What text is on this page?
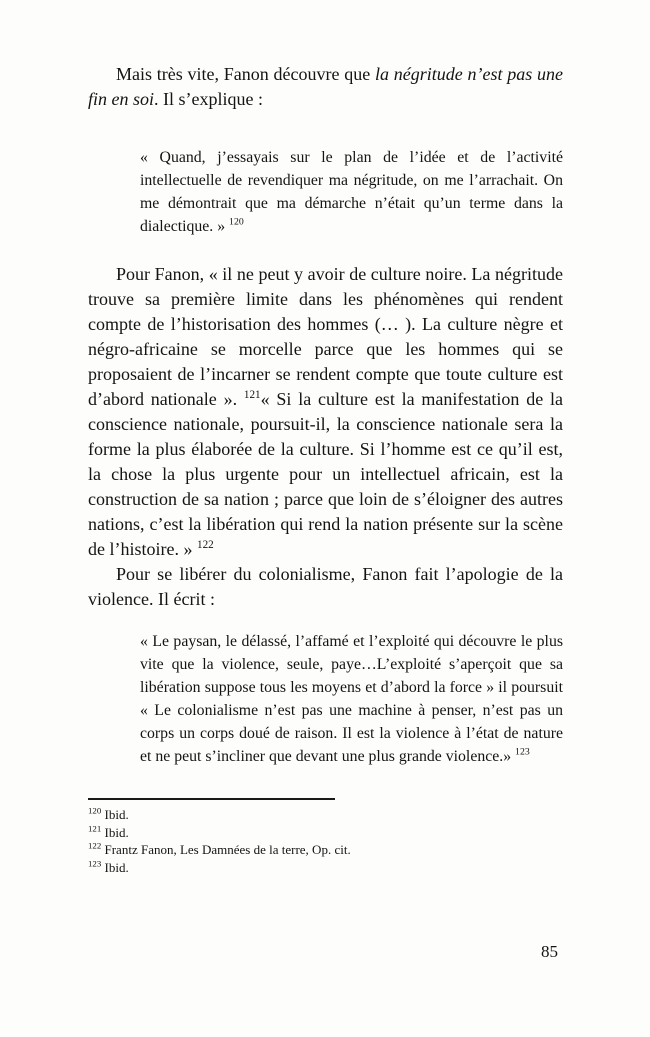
Mais très vite, Fanon découvre que la négritude n’est pas une fin en soi. Il s’explique :

« Quand, j’essayais sur le plan de l’idée et de l’activité intellectuelle de revendiquer ma négritude, on me l’arrachait. On me démontrait que ma démarche n’était qu’un terme dans la dialectique. » $^{120}$

Pour Fanon, « il ne peut y avoir de culture noire. La négritude trouve sa première limite dans les phénomènes qui rendent compte de l’historisation des hommes (… ). La culture nègre et négro-africaine se morcelle parce que les hommes qui se proposaient de l’incarner se rendent compte que toute culture est d’abord nationale ». $^{121}$« Si la culture est la manifestation de la conscience nationale, poursuit-il, la conscience nationale sera la forme la plus élaborée de la culture. Si l’homme est ce qu’il est, la chose la plus urgente pour un intellectuel africain, est la construction de sa nation ; parce que loin de s’éloigner des autres nations, c’est la libération qui rend la nation présente sur la scène de l’histoire. » $^{122}$

Pour se libérer du colonialisme, Fanon fait l’apologie de la violence. Il écrit :

« Le paysan, le délassé, l’affamé et l’exploité qui découvre le plus vite que la violence, seule, paye…L’exploité s’aperçoit que sa libération suppose tous les moyens et d’abord la force » il poursuit « Le colonialisme n’est pas une machine à penser, n’est pas un corps un corps doué de raison. Il est la violence à l’état de nature et ne peut s’incliner que devant une plus grande violence.» $^{123}$
$^{120}$ Ibid.
$^{121}$ Ibid.
$^{122}$ Frantz Fanon, Les Damnées de la terre, Op. cit.
$^{123}$ Ibid.
85
